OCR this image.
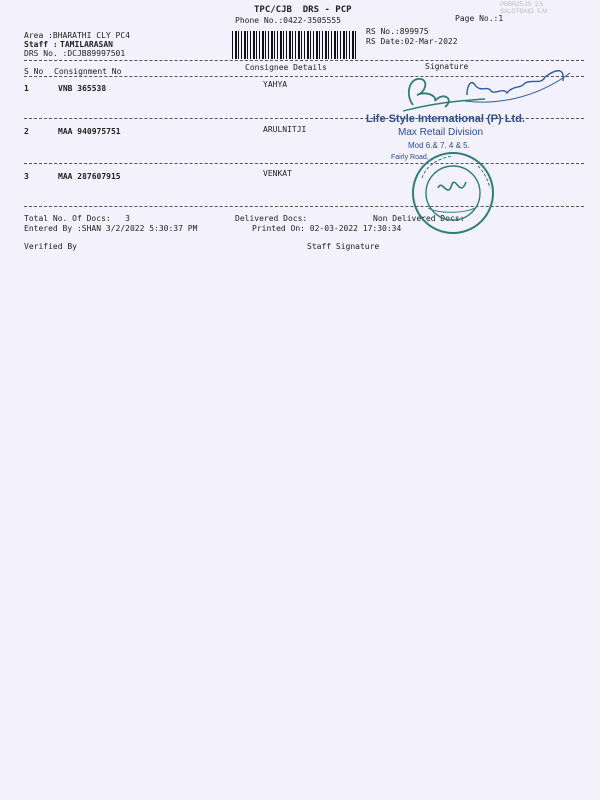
TPC/CJB  DRS - PCP
Phone No.:0422-3505555	Page No.:1
PBBR25.25  2.5
SALDTBAIG  5.M
Area :BHARATHI CLY PC4
Staff : TAMILARASAN
DRS No. :DCJB89997501
RS No.:899975
RS Date:02-Mar-2022
S No Consignment No	Consignee Details	Signature
1	VNB 365538	YAHYA
2	MAA 940975751	ARULNITJI
3	MAA 287607915	VENKAT
Total No. Of Docs:   3	Delivered Docs:	Non Delivered Docs:
Entered By :SHAN 3/2/2022 5:30:37 PM	Printed On: 02-03-2022 17:30:34
Verified By	Staff Signature
Life Style International (P) Ltd.
Max Retail Division
Mod 6.& 7. 4 & 5.
Fairly Road,
